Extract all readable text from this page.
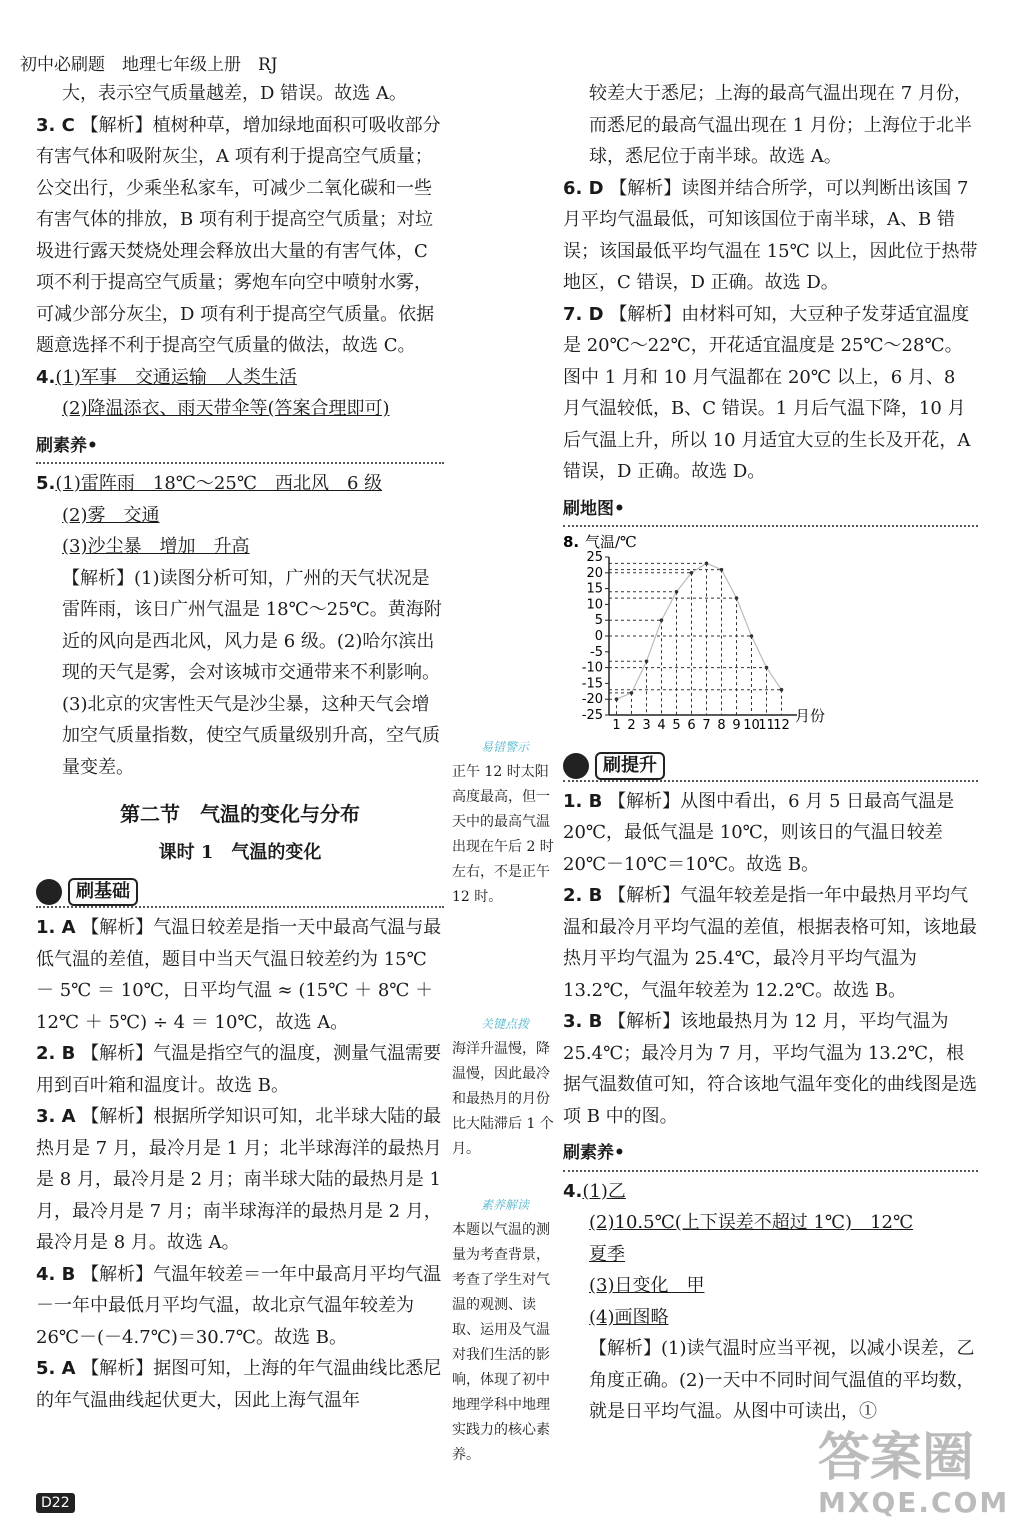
初中必刷题　地理七年级上册　RJ

大，表示空气质量越差，D 错误。故选 A。

3. C 【解析】植树种草，增加绿地面积可吸收部分有害气体和吸附灰尘，A 项有利于提高空气质量；公交出行，少乘坐私家车，可减少二氧化碳和一些有害气体的排放，B 项有利于提高空气质量；对垃圾进行露天焚烧处理会释放出大量的有害气体，C 项不利于提高空气质量；雾炮车向空中喷射水雾，可减少部分灰尘，D 项有利于提高空气质量。依据题意选择不利于提高空气质量的做法，故选 C。

4.(1)军事　交通运输　人类生活

(2)降温添衣、雨天带伞等(答案合理即可)

刷素养•

5.(1)雷阵雨　18℃～25℃　西北风　6 级

(2)雾　交通

(3)沙尘暴　增加　升高

【解析】(1)读图分析可知，广州的天气状况是雷阵雨，该日广州气温是 18℃～25℃。黄海附近的风向是西北风，风力是 6 级。(2)哈尔滨出现的天气是雾，会对该城市交通带来不利影响。(3)北京的灾害性天气是沙尘暴，这种天气会增加空气质量指数，使空气质量级别升高，空气质量变差。

第二节　气温的变化与分布
课时 1　气温的变化
刷基础

1. A 【解析】气温日较差是指一天中最高气温与最低气温的差值，题目中当天气温日较差约为 15℃ － 5℃ ＝ 10℃，日平均气温 ≈ (15℃ ＋ 8℃ ＋ 12℃ ＋ 5℃) ÷ 4 ＝ 10℃，故选 A。

2. B 【解析】气温是指空气的温度，测量气温需要用到百叶箱和温度计。故选 B。

3. A 【解析】根据所学知识可知，北半球大陆的最热月是 7 月，最冷月是 1 月；北半球海洋的最热月是 8 月，最冷月是 2 月；南半球大陆的最热月是 1 月，最冷月是 7 月；南半球海洋的最热月是 2 月，最冷月是 8 月。故选 A。

4. B 【解析】气温年较差＝一年中最高月平均气温－一年中最低月平均气温，故北京气温年较差为 26℃－(－4.7℃)＝30.7℃。故选 B。

5. A 【解析】据图可知，上海的年气温曲线比悉尼的年气温曲线起伏更大，因此上海气温年

易错警示
正午 12 时太阳高度最高，但一天中的最高气温出现在午后 2 时左右，不是正午 12 时。
关键点拨
海洋升温慢，降温慢，因此最冷和最热月的月份比大陆滞后 1 个月。
素养解读
本题以气温的测量为考查背景，考查了学生对气温的观测、读取、运用及气温对我们生活的影响，体现了初中地理学科中地理实践力的核心素养。

较差大于悉尼；上海的最高气温出现在 7 月份，而悉尼的最高气温出现在 1 月份；上海位于北半球，悉尼位于南半球。故选 A。

6. D 【解析】读图并结合所学，可以判断出该国 7 月平均气温最低，可知该国位于南半球，A、B 错误；该国最低平均气温在 15℃ 以上，因此位于热带地区，C 错误，D 正确。故选 D。

7. D 【解析】由材料可知，大豆种子发芽适宜温度是 20℃～22℃，开花适宜温度是 25℃～28℃。图中 1 月和 10 月气温都在 20℃ 以上，6 月、8 月气温较低，B、C 错误。1 月后气温下降，10 月后气温上升，所以 10 月适宜大豆的生长及开花，A 错误，D 正确。故选 D。

刷地图•
8. 气温/℃
月份
25
20
15
10
5
0
-5
-10
-15
-20
-25
1 2 3 4 5 6 7 8 9 10
11
12
刷提升

1. B 【解析】从图中看出，6 月 5 日最高气温是 20℃，最低气温是 10℃，则该日的气温日较差 20℃－10℃＝10℃。故选 B。

2. B 【解析】气温年较差是指一年中最热月平均气温和最冷月平均气温的差值，根据表格可知，该地最热月平均气温为 25.4℃，最冷月平均气温为 13.2℃，气温年较差为 12.2℃。故选 B。

3. B 【解析】该地最热月为 12 月，平均气温为 25.4℃；最冷月为 7 月，平均气温为 13.2℃，根据气温数值可知，符合该地气温年变化的曲线图是选项 B 中的图。

刷素养•

4.(1)乙

(2)10.5℃(上下误差不超过 1℃)　12℃

夏季

(3)日变化　甲

(4)画图略

【解析】(1)读气温时应当平视，以减小误差，乙角度正确。(2)一天中不同时间气温值的平均数，就是日平均气温。从图中可读出，①

D22
答案圈
MXQE.COM
